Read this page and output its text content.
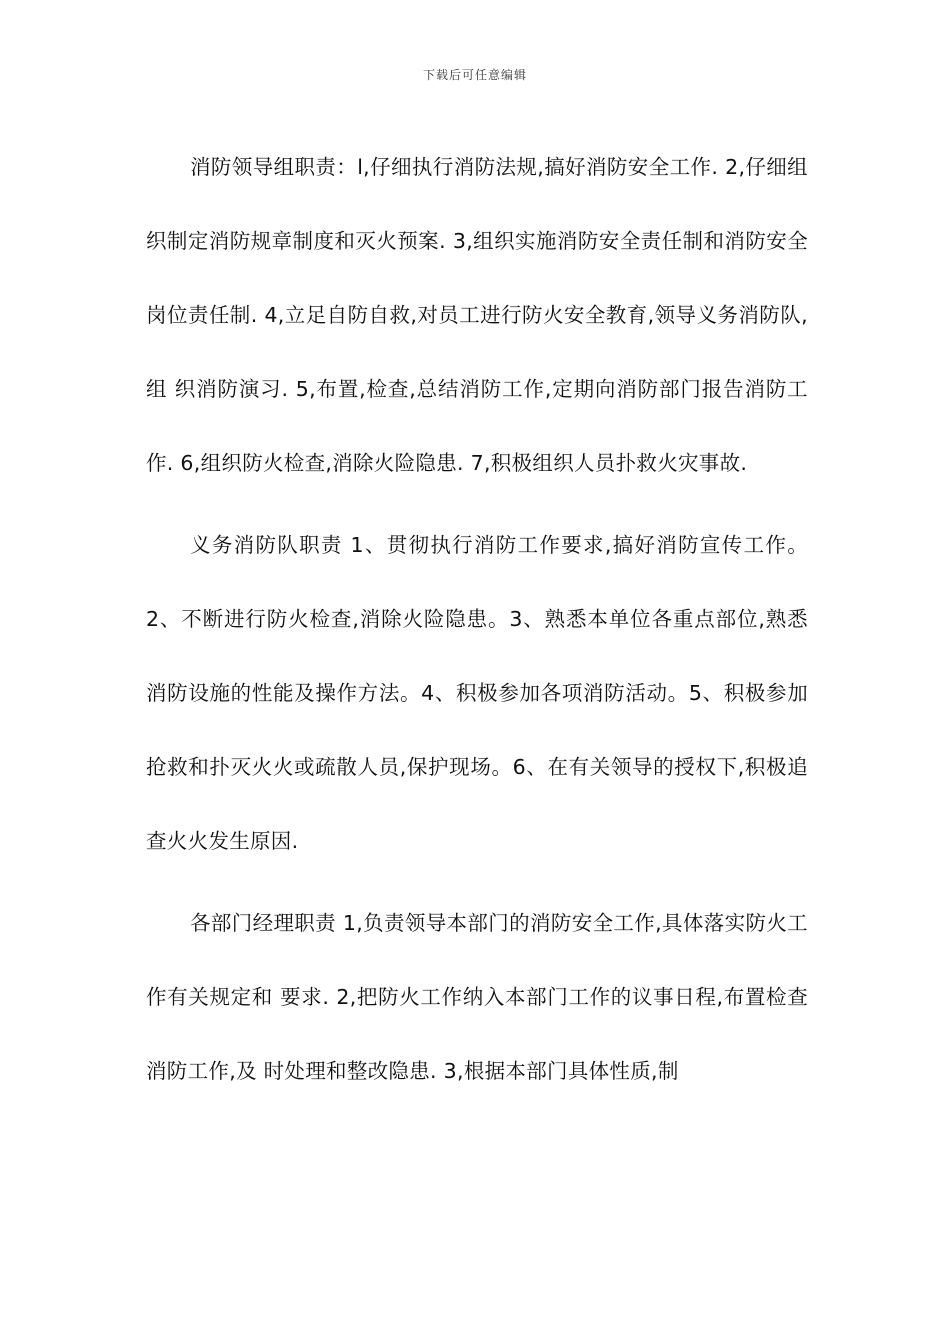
下载后可任意编辑

消防领导组职责：l,仔细执行消防法规,搞好消防安全工作. 2,仔细组织制定消防规章制度和灭火预案. 3,组织实施消防安全责任制和消防安全岗位责任制. 4,立足自防自救,对员工进行防火安全教育,领导义务消防队,组 织消防演习. 5,布置,检查,总结消防工作,定期向消防部门报告消防工作. 6,组织防火检查,消除火险隐患. 7,积极组织人员扑救火灾事故.

义务消防队职责 1、贯彻执行消防工作要求,搞好消防宣传工作。2、不断进行防火检查,消除火险隐患。3、熟悉本单位各重点部位,熟悉消防设施的性能及操作方法。4、积极参加各项消防活动。5、积极参加抢救和扑灭火火或疏散人员,保护现场。6、在有关领导的授权下,积极追查火火发生原因.

各部门经理职责 1,负责领导本部门的消防安全工作,具体落实防火工作有关规定和 要求. 2,把防火工作纳入本部门工作的议事日程,布置检查消防工作,及 时处理和整改隐患. 3,根据本部门具体性质,制
